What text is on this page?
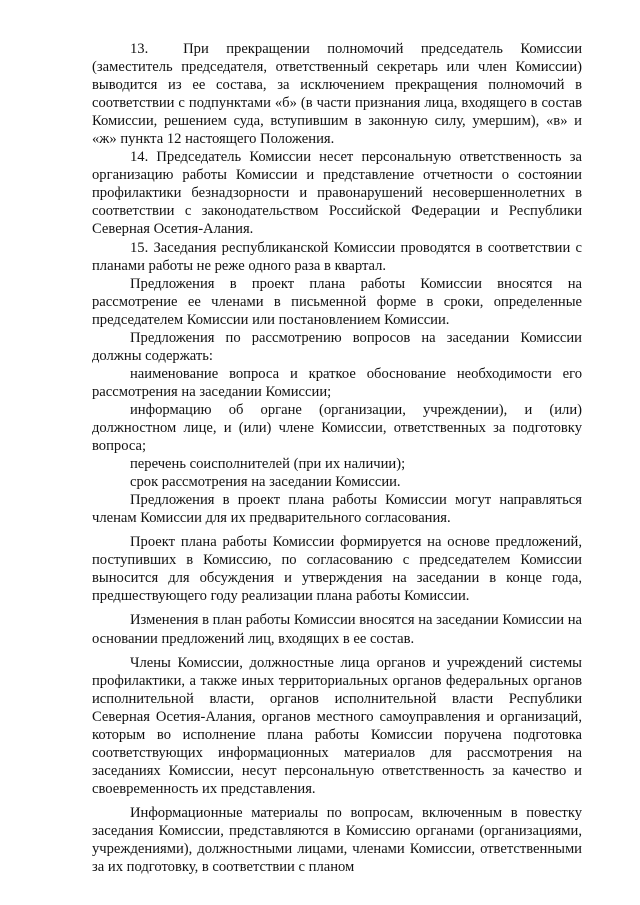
13.  При прекращении полномочий председатель Комиссии (заместитель председателя, ответственный секретарь или член Комиссии) выводится из ее состава, за исключением прекращения полномочий в соответствии с подпунктами «б» (в части признания лица, входящего в состав Комиссии, решением суда, вступившим в законную силу, умершим), «в» и «ж» пункта 12 настоящего Положения.

14. Председатель Комиссии несет персональную ответственность за организацию работы Комиссии и представление отчетности о состоянии профилактики безнадзорности и правонарушений несовершеннолетних в соответствии с законодательством Российской Федерации и Республики Северная Осетия-Алания.

15. Заседания республиканской Комиссии проводятся в соответствии с планами работы не реже одного раза в квартал.

Предложения в проект плана работы Комиссии вносятся на рассмотрение ее членами в письменной форме в сроки, определенные председателем Комиссии или постановлением Комиссии.

Предложения по рассмотрению вопросов на заседании Комиссии должны содержать:

наименование вопроса и краткое обоснование необходимости его рассмотрения на заседании Комиссии;

информацию об органе (организации, учреждении), и (или) должностном лице, и (или) члене Комиссии, ответственных за подготовку вопроса;

перечень соисполнителей (при их наличии);

срок рассмотрения на заседании Комиссии.

Предложения в проект плана работы Комиссии могут направляться членам Комиссии для их предварительного согласования.

Проект плана работы Комиссии формируется на основе предложений, поступивших в Комиссию, по согласованию с председателем Комиссии выносится для обсуждения и утверждения на заседании в конце года, предшествующего году реализации плана работы Комиссии.

Изменения в план работы Комиссии вносятся на заседании Комиссии на основании предложений лиц, входящих в ее состав.

Члены Комиссии, должностные лица органов и учреждений системы профилактики, а также иных территориальных органов федеральных органов исполнительной власти, органов исполнительной власти Республики Северная Осетия-Алания, органов местного самоуправления и организаций, которым во исполнение плана работы Комиссии поручена подготовка соответствующих информационных материалов для рассмотрения на заседаниях Комиссии, несут персональную ответственность за качество и своевременность их представления.

Информационные материалы по вопросам, включенным в повестку заседания Комиссии, представляются в Комиссию органами (организациями, учреждениями), должностными лицами, членами Комиссии, ответственными за их подготовку, в соответствии с планом
